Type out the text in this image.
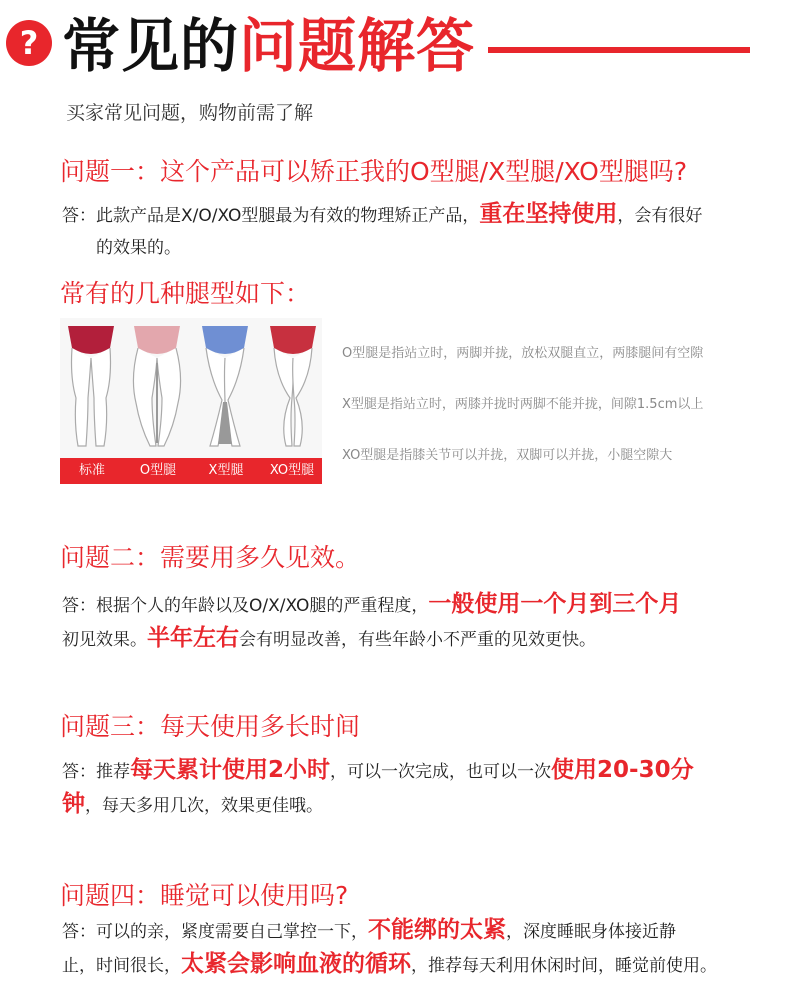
? 常见的问题解答
买家常见问题，购物前需了解
问题一：这个产品可以矫正我的O型腿/X型腿/XO型腿吗?
答：此款产品是X/O/XO型腿最为有效的物理矫正产品，重在坚持使用，会有很好
的效果的。
常有的几种腿型如下：
标准	O型腿	X型腿	XO型腿
O型腿是指站立时，两脚并拢，放松双腿直立，两膝腿间有空隙
X型腿是指站立时，两膝并拢时两脚不能并拢，间隙1.5cm以上
XO型腿是指膝关节可以并拢，双脚可以并拢，小腿空隙大
问题二：需要用多久见效。
答：根据个人的年龄以及O/X/XO腿的严重程度，一般使用一个月到三个月
初见效果。半年左右会有明显改善，有些年龄小不严重的见效更快。
问题三：每天使用多长时间
答：推荐每天累计使用2小时，可以一次完成，也可以一次使用20-30分
钟，每天多用几次，效果更佳哦。
问题四：睡觉可以使用吗?
答：可以的亲，紧度需要自己掌控一下，不能绑的太紧，深度睡眠身体接近静
止，时间很长，太紧会影响血液的循环，推荐每天利用休闲时间，睡觉前使用。
